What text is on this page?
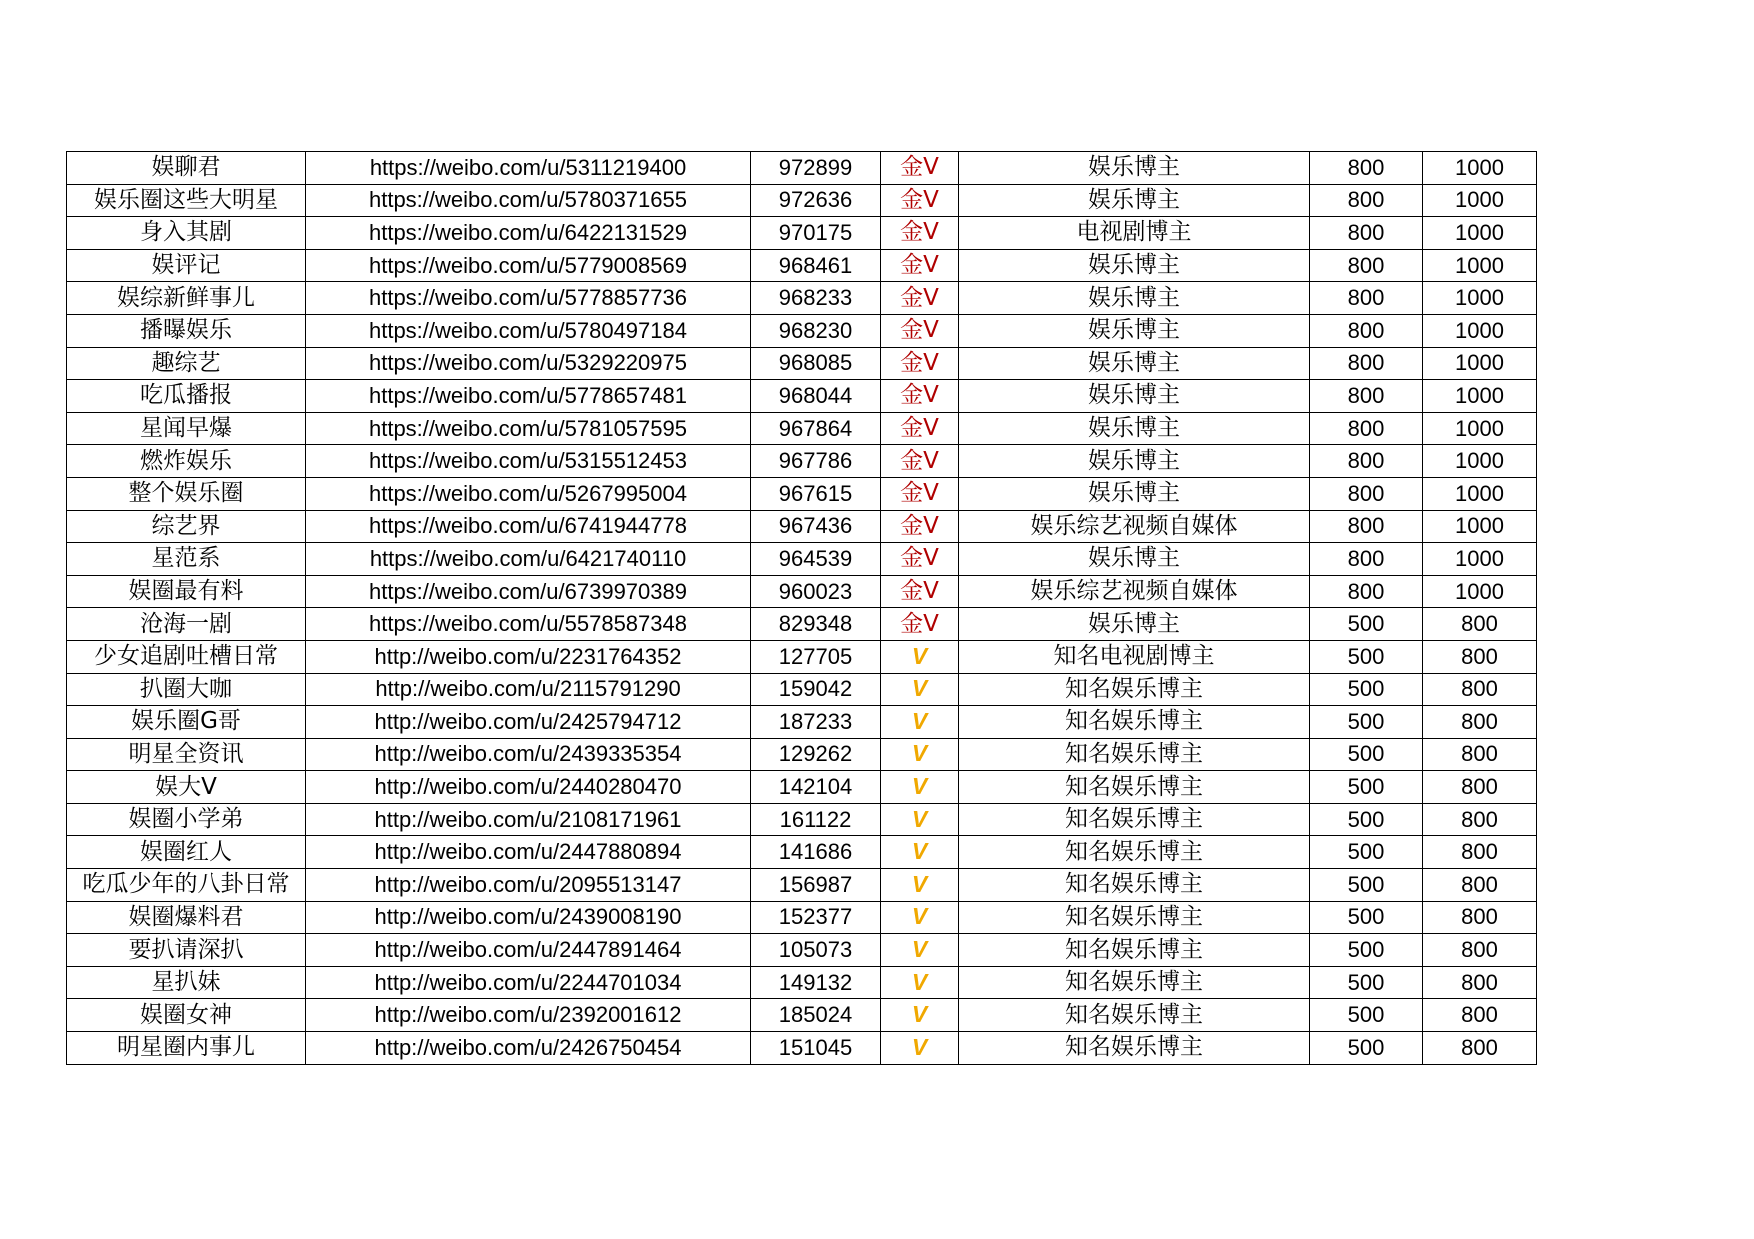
娱聊君	https://weibo.com/u/5311219400	972899	金V	娱乐博主	800	1000
娱乐圈这些大明星	https://weibo.com/u/5780371655	972636	金V	娱乐博主	800	1000
身入其剧	https://weibo.com/u/6422131529	970175	金V	电视剧博主	800	1000
娱评记	https://weibo.com/u/5779008569	968461	金V	娱乐博主	800	1000
娱综新鲜事儿	https://weibo.com/u/5778857736	968233	金V	娱乐博主	800	1000
播曝娱乐	https://weibo.com/u/5780497184	968230	金V	娱乐博主	800	1000
趣综艺	https://weibo.com/u/5329220975	968085	金V	娱乐博主	800	1000
吃瓜播报	https://weibo.com/u/5778657481	968044	金V	娱乐博主	800	1000
星闻早爆	https://weibo.com/u/5781057595	967864	金V	娱乐博主	800	1000
燃炸娱乐	https://weibo.com/u/5315512453	967786	金V	娱乐博主	800	1000
整个娱乐圈	https://weibo.com/u/5267995004	967615	金V	娱乐博主	800	1000
综艺界	https://weibo.com/u/6741944778	967436	金V	娱乐综艺视频自媒体	800	1000
星范系	https://weibo.com/u/6421740110	964539	金V	娱乐博主	800	1000
娱圈最有料	https://weibo.com/u/6739970389	960023	金V	娱乐综艺视频自媒体	800	1000
沧海一剧	https://weibo.com/u/5578587348	829348	金V	娱乐博主	500	800
少女追剧吐槽日常	http://weibo.com/u/2231764352	127705	V	知名电视剧博主	500	800
扒圈大咖	http://weibo.com/u/2115791290	159042	V	知名娱乐博主	500	800
娱乐圈G哥	http://weibo.com/u/2425794712	187233	V	知名娱乐博主	500	800
明星全资讯	http://weibo.com/u/2439335354	129262	V	知名娱乐博主	500	800
娱大V	http://weibo.com/u/2440280470	142104	V	知名娱乐博主	500	800
娱圈小学弟	http://weibo.com/u/2108171961	161122	V	知名娱乐博主	500	800
娱圈红人	http://weibo.com/u/2447880894	141686	V	知名娱乐博主	500	800
吃瓜少年的八卦日常	http://weibo.com/u/2095513147	156987	V	知名娱乐博主	500	800
娱圈爆料君	http://weibo.com/u/2439008190	152377	V	知名娱乐博主	500	800
要扒请深扒	http://weibo.com/u/2447891464	105073	V	知名娱乐博主	500	800
星扒妹	http://weibo.com/u/2244701034	149132	V	知名娱乐博主	500	800
娱圈女神	http://weibo.com/u/2392001612	185024	V	知名娱乐博主	500	800
明星圈内事儿	http://weibo.com/u/2426750454	151045	V	知名娱乐博主	500	800
